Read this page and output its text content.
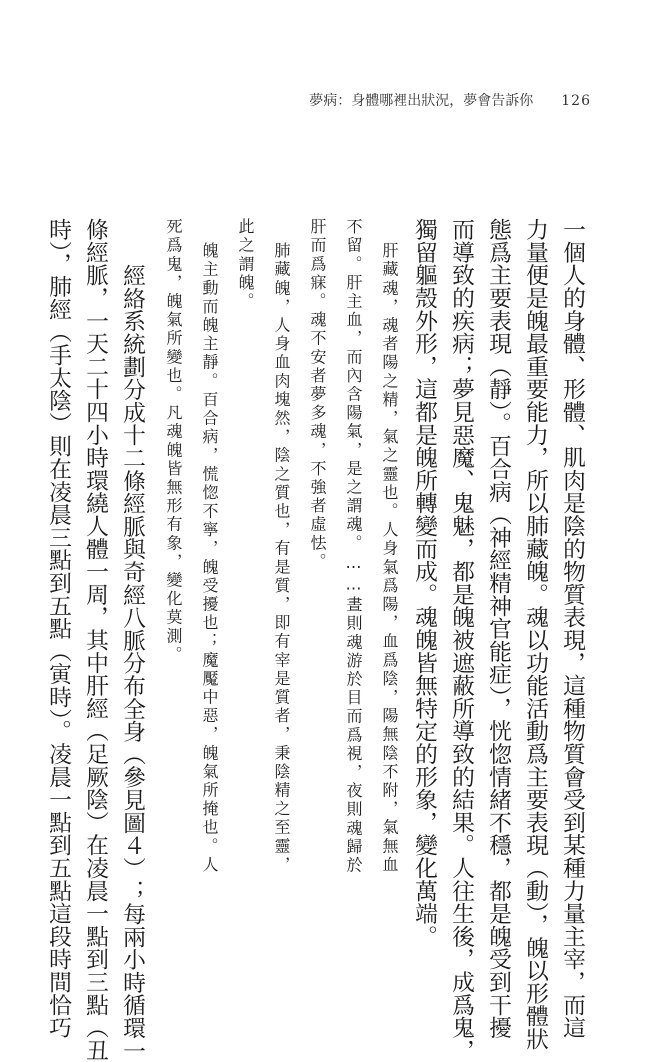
夢病：身體哪裡出狀況，夢會告訴你 126
一個人的身體、形體、肌肉是陰的物質表現，這種物質會受到某種力量主宰，而這
力量便是魄最重要能力，所以肺藏魄。魂以功能活動爲主要表現（動），魄以形體狀
態爲主要表現（靜）。百合病（神經精神官能症），恍惚情緒不穩，都是魄受到干擾
而導致的疾病；夢見惡魔、鬼魅，都是魄被遮蔽所導致的結果。人往生後，成爲鬼，
獨留軀殼外形，這都是魄所轉變而成。魂魄皆無特定的形象，變化萬端。
肝藏魂，魂者陽之精，氣之靈也。人身氣爲陽，血爲陰，陽無陰不附，氣無血
不留。肝主血，而內含陽氣，是之謂魂。……晝則魂游於目而爲視，夜則魂歸於
肝而爲寐。魂不安者夢多魂，不強者虛怯。
肺藏魄，人身血肉塊然，陰之質也，有是質，即有宰是質者，秉陰精之至靈，
此之謂魄。
魄主動而魄主靜。百合病，慌惚不寧，魄受擾也；魔魘中惡，魄氣所掩也。人
死爲鬼，魄氣所變也。凡魂魄皆無形有象，變化莫測。
經絡系統劃分成十二條經脈與奇經八脈分布全身（參見圖４）；每兩小時循環一
條經脈，一天二十四小時環繞人體一周，其中肝經（足厥陰）在凌晨一點到三點（丑
時），肺經（手太陰）則在凌晨三點到五點（寅時）。凌晨一點到五點這段時間恰巧
